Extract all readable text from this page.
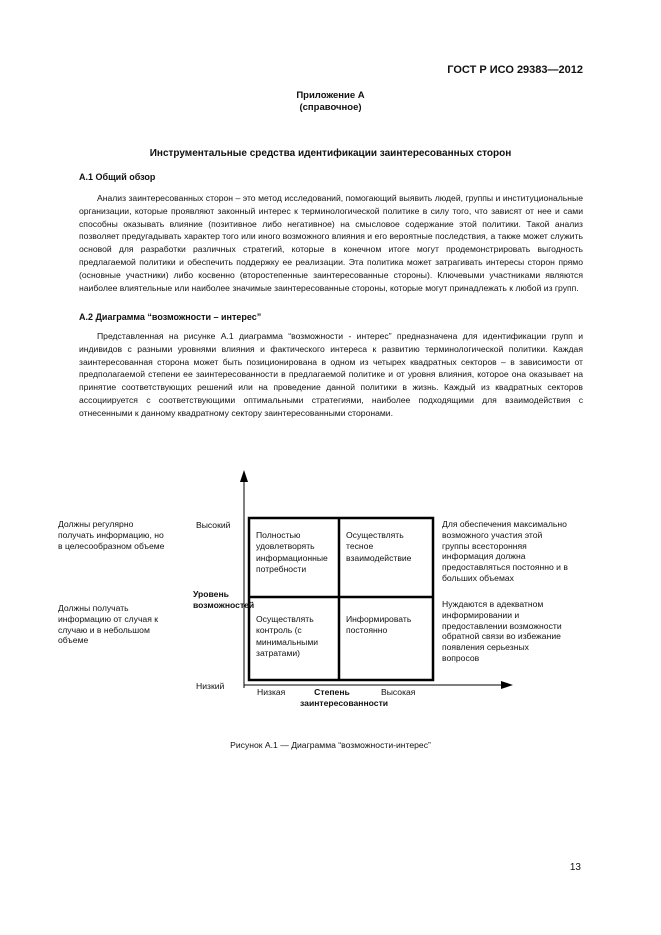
ГОСТ Р ИСО 29383—2012
Приложение А
(справочное)
Инструментальные средства идентификации заинтересованных сторон
А.1 Общий обзор

Анализ заинтересованных сторон – это метод исследований, помогающий выявить людей, группы и институциональные организации, которые проявляют законный интерес к терминологической политике в силу того, что зависят от нее и сами способны оказывать влияние (позитивное либо негативное) на смысловое содержание этой политики. Такой анализ позволяет предугадывать характер того или иного возможного влияния и его вероятные последствия, а также может служить основой для разработки различных стратегий, которые в конечном итоге могут продемонстрировать выгодность предлагаемой политики и обеспечить поддержку ее реализации. Эта политика может затрагивать интересы сторон прямо (основные участники) либо косвенно (второстепенные заинтересованные стороны). Ключевыми участниками являются наиболее влиятельные или наиболее значимые заинтересованные стороны, которые могут принадлежать к любой из групп.

А.2 Диаграмма “возможности – интерес”

Представленная на рисунке А.1 диаграмма “возможности - интерес” предназначена для идентификации групп и индивидов с разными уровнями влияния и фактического интереса к развитию терминологической политики. Каждая заинтересованная сторона может быть позиционирована в одном из четырех квадратных секторов – в зависимости от предполагаемой степени ее заинтересованности в предлагаемой политике и от уровня влияния, которое она оказывает на принятие соответствующих решений или на проведение данной политики в жизнь. Каждый из квадратных секторов ассоциируется с соответствующими оптимальными стратегиями, наиболее подходящими для взаимодействия с отнесенными к данному квадратному сектору заинтересованными сторонами.

Полностью удовлетворять информационные потребности
Осуществлять тесное взаимодействие
Осуществлять контроль (с минимальными затратами)
Информировать постоянно
Высокий
Низкий
Уровень возможностей
Низкая	Высокая
Степень заинтересованности
Должны регулярно получать информацию, но в целесообразном объеме
Должны получать информацию от случая к случаю и в небольшом объеме
Для обеспечения максимально возможного участия этой группы всесторонняя информация должна предоставляться постоянно и в больших объемах
Нуждаются в адекватном информировании и предоставлении возможности обратной связи во избежание появления серьезных вопросов
Рисунок А.1 — Диаграмма “возможности-интерес”
13
